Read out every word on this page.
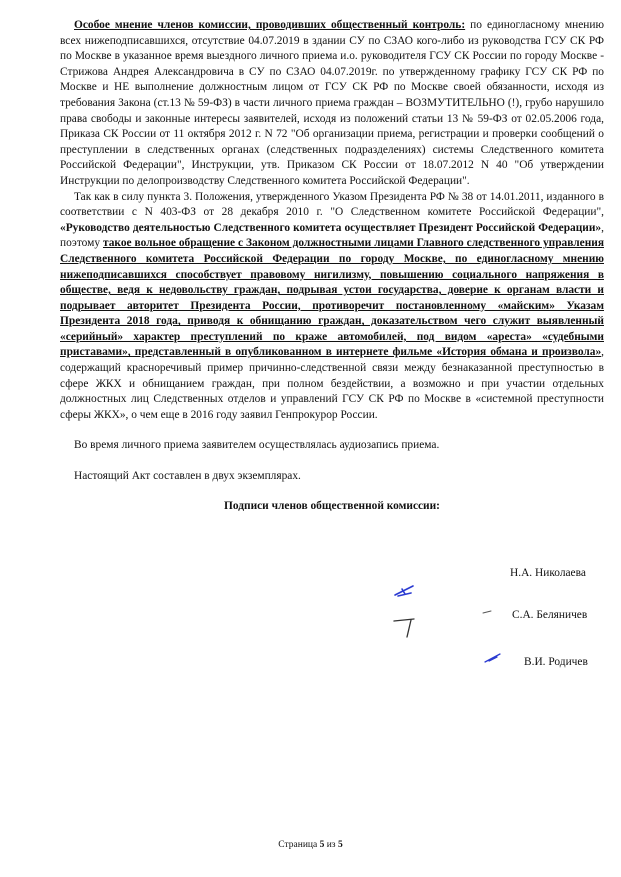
Особое мнение членов комиссии, проводивших общественный контроль: по единогласному мнению всех нижеподписавшихся, отсутствие 04.07.2019 в здании СУ по СЗАО кого-либо из руководства ГСУ СК РФ по Москве в указанное время выездного личного приема и.о. руководителя ГСУ СК России по городу Москве - Стрижова Андрея Александровича в СУ по СЗАО 04.07.2019г. по утвержденному графику ГСУ СК РФ по Москве и НЕ выполнение должностным лицом от ГСУ СК РФ по Москве своей обязанности, исходя из требования Закона (ст.13 № 59-ФЗ) в части личного приема граждан – ВОЗМУТИТЕЛЬНО (!), грубо нарушило права свободы и законные интересы заявителей, исходя из положений статьи 13 № 59-ФЗ от 02.05.2006 года, Приказа СК России от 11 октября 2012 г. N 72 "Об организации приема, регистрации и проверки сообщений о преступлении в следственных органах (следственных подразделениях) системы Следственного комитета Российской Федерации", Инструкции, утв. Приказом СК России от 18.07.2012 N 40 "Об утверждении Инструкции по делопроизводству Следственного комитета Российской Федерации".

Так как в силу пункта 3. Положения, утвержденного Указом Президента РФ № 38 от 14.01.2011, изданного в соответствии с N 403-ФЗ от 28 декабря 2010 г. "О Следственном комитете Российской Федерации", «Руководство деятельностью Следственного комитета осуществляет Президент Российской Федерации», поэтому такое вольное обращение с Законом должностными лицами Главного следственного управления Следственного комитета Российской Федерации по городу Москве, по единогласному мнению нижеподписавшихся способствует правовому нигилизму, повышению социального напряжения в обществе, ведя к недовольству граждан, подрывая устои государства, доверие к органам власти и подрывает авторитет Президента России, противоречит постановленному «майским» Указам Президента 2018 года, приводя к обнищанию граждан, доказательством чего служит выявленный «серийный» характер преступлений по краже автомобилей, под видом «ареста» «судебными приставами», представленный в опубликованном в интернете фильме «История обмана и произвола», содержащий красноречивый пример причинно-следственной связи между безнаказанной преступностью в сфере ЖКХ и обнищанием граждан, при полном бездействии, а возможно и при участии отдельных должностных лиц Следственных отделов и управлений ГСУ СК РФ по Москве в «системной преступности сферы ЖКХ», о чем еще в 2016 году заявил Генпрокурор России.

Во время личного приема заявителем осуществлялась аудиозапись приема.

Настоящий Акт составлен в двух экземплярах.

Подписи членов общественной комиссии:

Н.А. Николаева
С.А. Беляничев
В.И. Родичев
Страница 5 из 5
